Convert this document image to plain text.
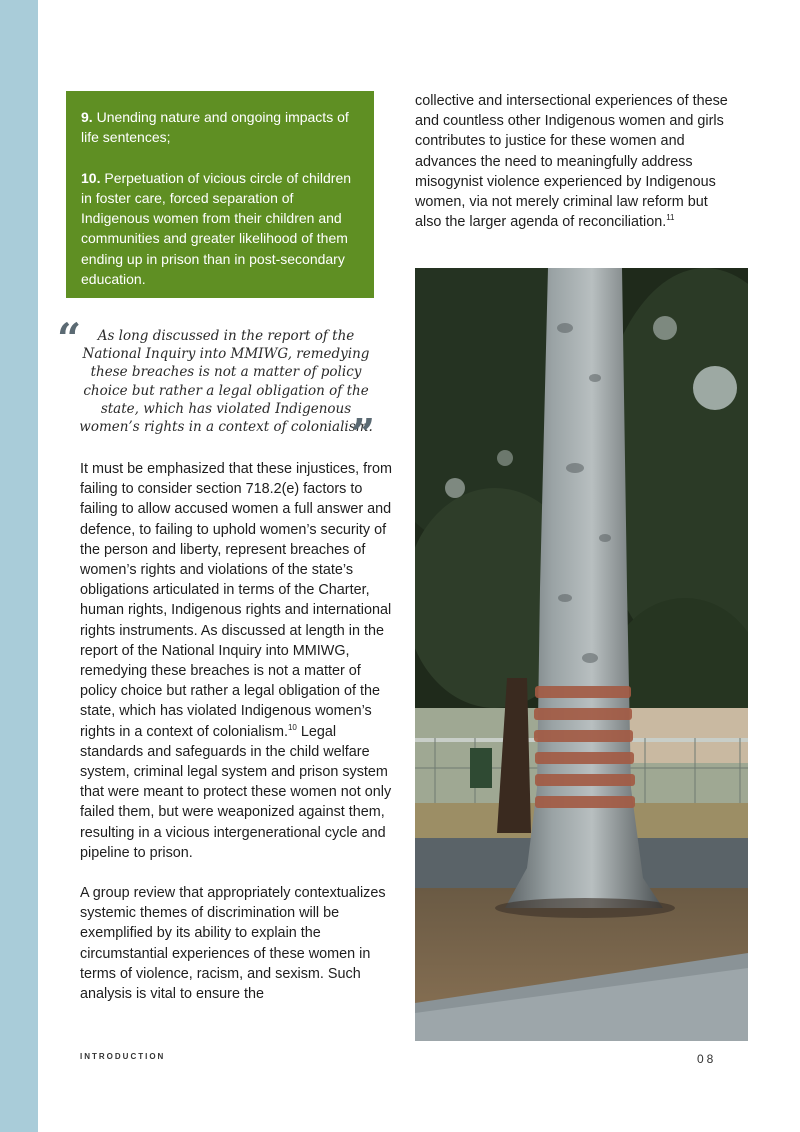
9. Unending nature and ongoing impacts of life sentences;

10. Perpetuation of vicious circle of children in foster care, forced separation of Indigenous women from their children and communities and greater likelihood of them ending up in prison than in post-secondary education.

“	As long discussed in the report of the National Inquiry into MMIWG, remedying these breaches is not a matter of policy choice but rather a legal obligation of the state, which has violated Indigenous women’s rights in a context of colonialism.
”

It must be emphasized that these injustices, from failing to consider section 718.2(e) factors to failing to allow accused women a full answer and defence, to failing to uphold women’s security of the person and liberty, represent breaches of women’s rights and violations of the state’s obligations articulated in terms of the Charter, human rights, Indigenous rights and international rights instruments. As discussed at length in the report of the National Inquiry into MMIWG, remedying these breaches is not a matter of policy choice but rather a legal obligation of the state, which has violated Indigenous women’s rights in a context of colonialism.$^{10}$ Legal standards and safeguards in the child welfare system, criminal legal system and prison system that were meant to protect these women not only failed them, but were weaponized against them, resulting in a vicious intergenerational cycle and pipeline to prison.

A group review that appropriately contextualizes systemic themes of discrimination will be exemplified by its ability to explain the circumstantial experiences of these women in terms of violence, racism, and sexism. Such analysis is vital to ensure the

collective and intersectional experiences of these and countless other Indigenous women and girls contributes to justice for these women and advances the need to meaningfully address misogynist violence experienced by Indigenous women, via not merely criminal law reform but also the larger agenda of reconciliation.$^{11}$

INTRODUCTION	08
